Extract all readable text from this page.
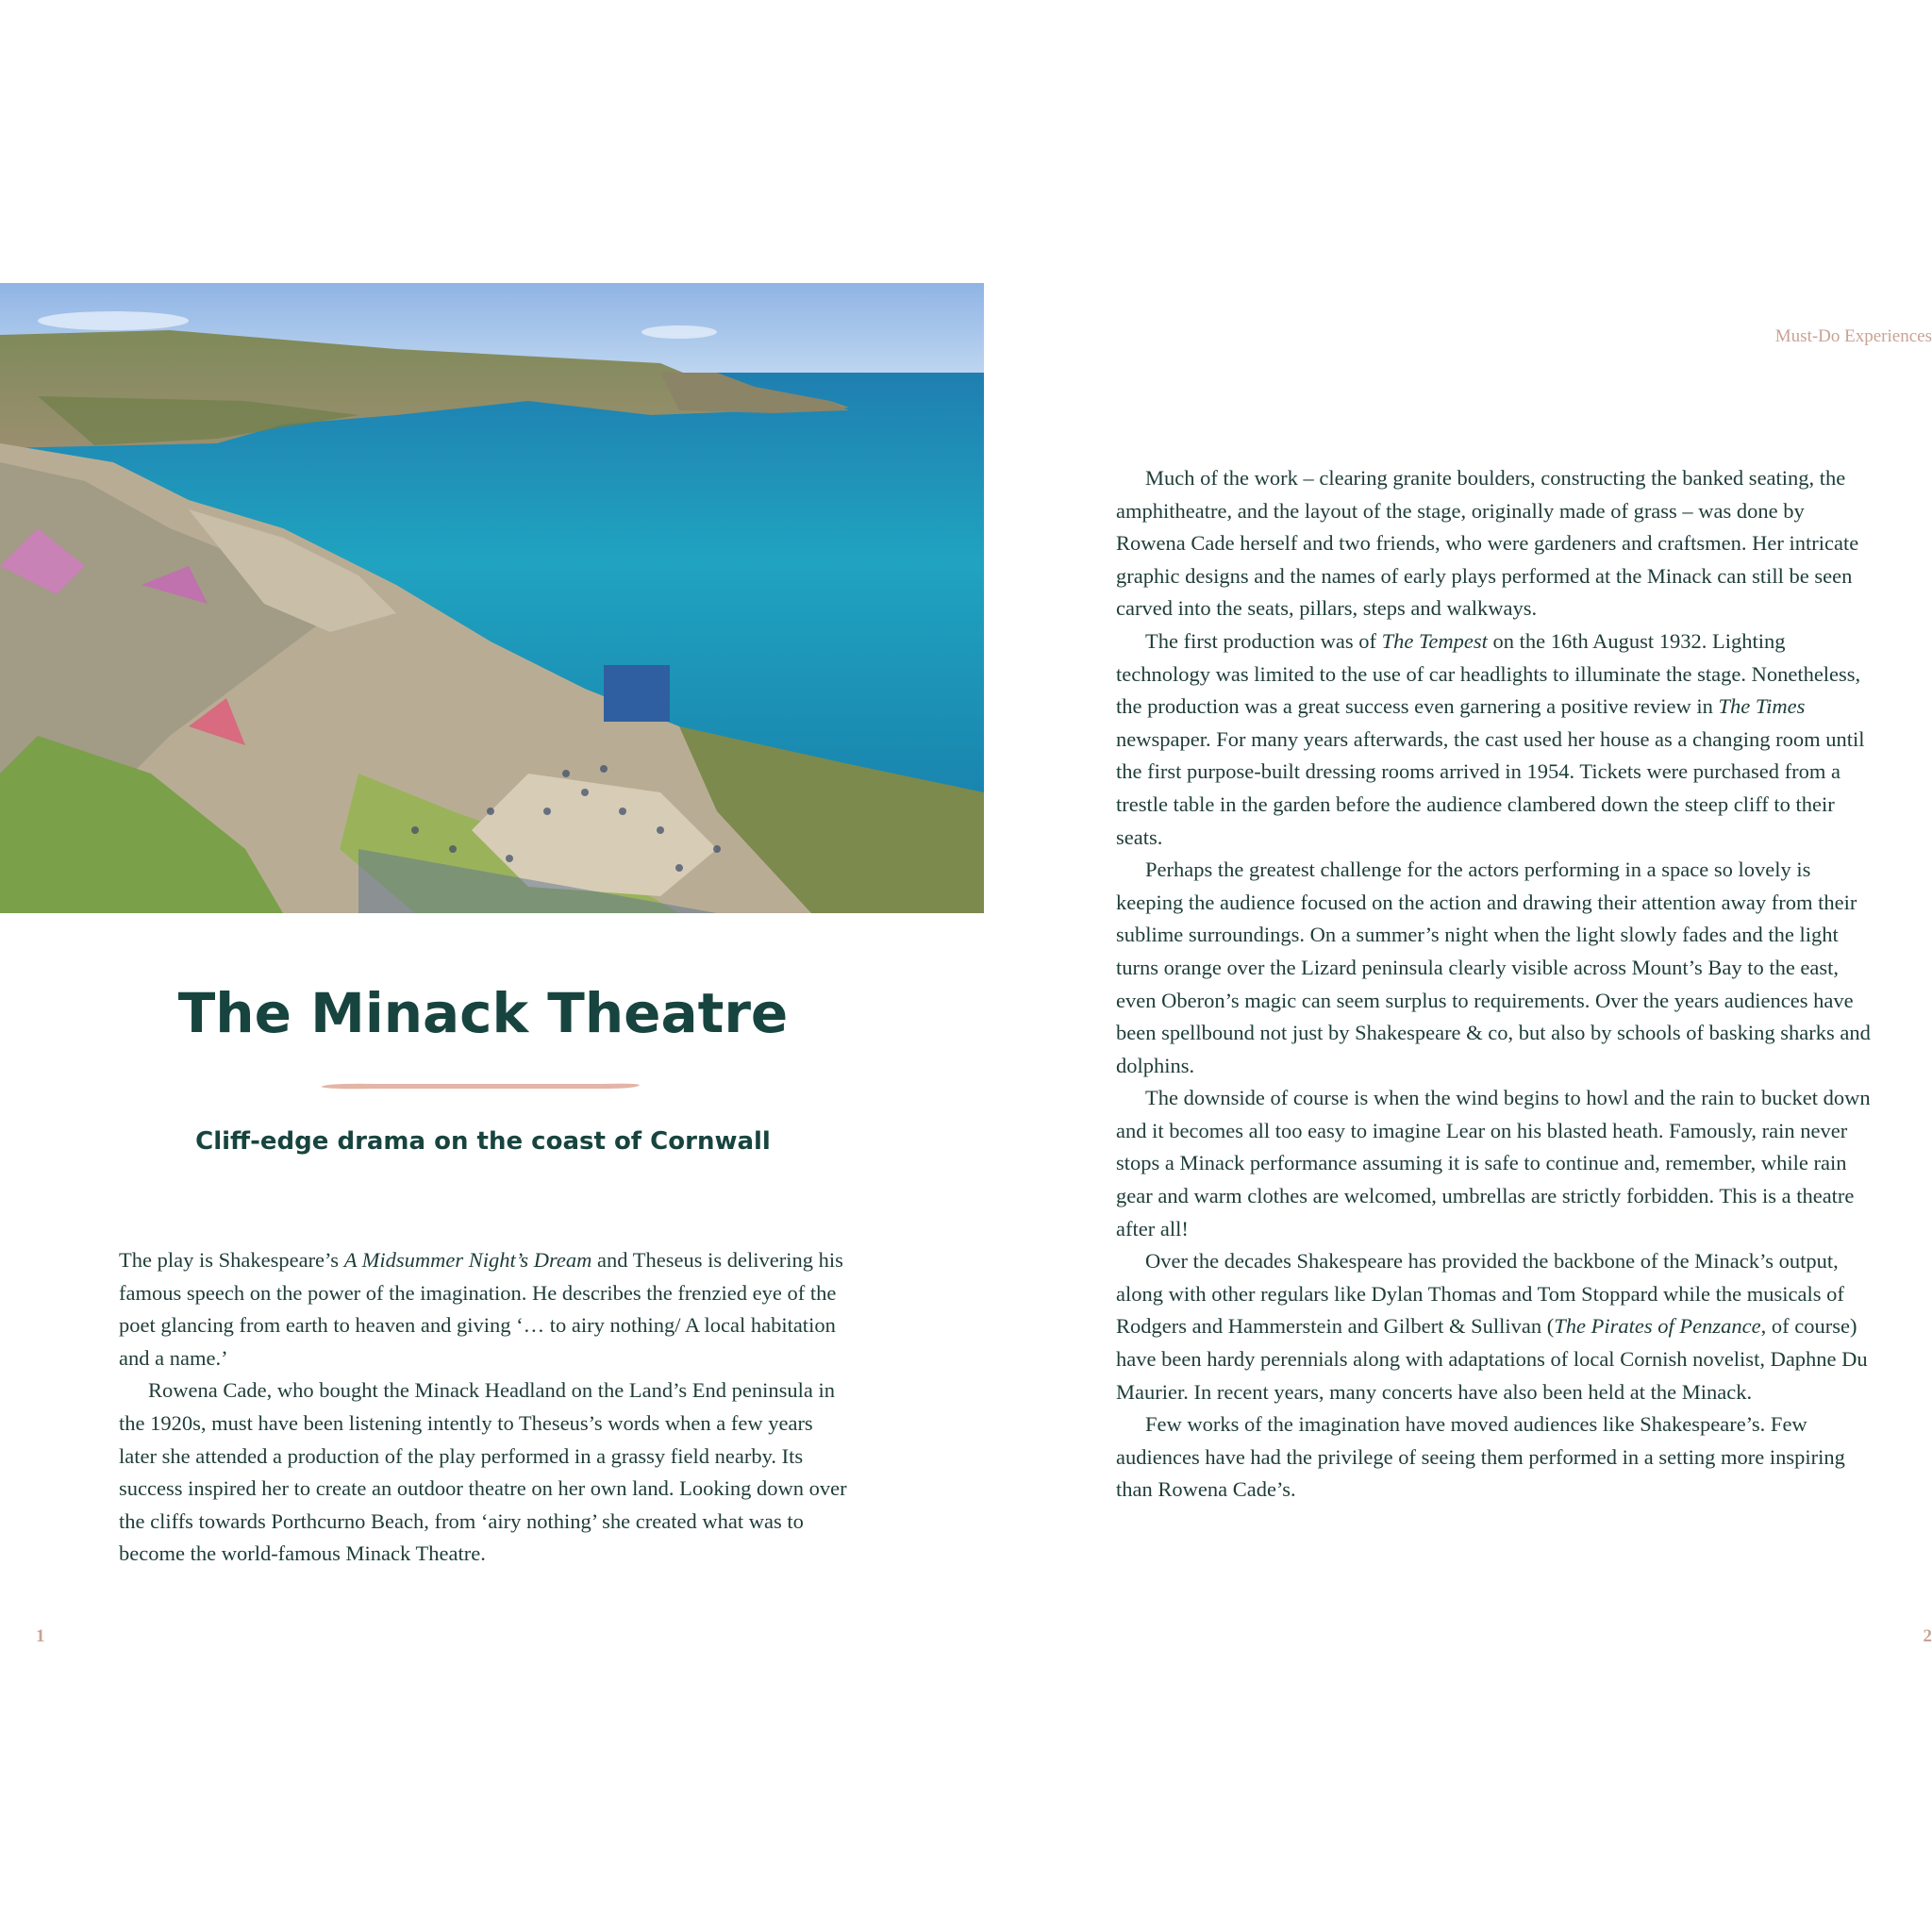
The Minack Theatre
Cliff-edge drama on the coast of Cornwall

The play is Shakespeare’s A Midsummer Night’s Dream and Theseus is delivering his famous speech on the power of the imagination. He describes the frenzied eye of the poet glancing from earth to heaven and giving ‘… to airy nothing/ A local habitation and a name.’

Rowena Cade, who bought the Minack Headland on the Land’s End peninsula in the 1920s, must have been listening intently to Theseus’s words when a few years later she attended a production of the play performed in a grassy field nearby. Its success inspired her to create an outdoor theatre on her own land. Looking down over the cliffs towards Porthcurno Beach, from ‘airy nothing’ she created what was to become the world-famous Minack Theatre.

1
Must-Do Experiences

Much of the work – clearing granite boulders, constructing the banked seating, the amphitheatre, and the layout of the stage, originally made of grass – was done by Rowena Cade herself and two friends, who were gardeners and craftsmen. Her intricate graphic designs and the names of early plays performed at the Minack can still be seen carved into the seats, pillars, steps and walkways.

The first production was of The Tempest on the 16th August 1932. Lighting technology was limited to the use of car headlights to illuminate the stage. Nonetheless, the production was a great success even garnering a positive review in The Times newspaper. For many years afterwards, the cast used her house as a changing room until the first purpose-built dressing rooms arrived in 1954. Tickets were purchased from a trestle table in the garden before the audience clambered down the steep cliff to their seats.

Perhaps the greatest challenge for the actors performing in a space so lovely is keeping the audience focused on the action and drawing their attention away from their sublime surroundings. On a summer’s night when the light slowly fades and the light turns orange over the Lizard peninsula clearly visible across Mount’s Bay to the east, even Oberon’s magic can seem surplus to requirements. Over the years audiences have been spellbound not just by Shakespeare & co, but also by schools of basking sharks and dolphins.

The downside of course is when the wind begins to howl and the rain to bucket down and it becomes all too easy to imagine Lear on his blasted heath. Famously, rain never stops a Minack performance assuming it is safe to continue and, remember, while rain gear and warm clothes are welcomed, umbrellas are strictly forbidden. This is a theatre after all!

Over the decades Shakespeare has provided the backbone of the Minack’s output, along with other regulars like Dylan Thomas and Tom Stoppard while the musicals of Rodgers and Hammerstein and Gilbert & Sullivan (The Pirates of Penzance, of course) have been hardy perennials along with adaptations of local Cornish novelist, Daphne Du Maurier. In recent years, many concerts have also been held at the Minack.

Few works of the imagination have moved audiences like Shakespeare’s. Few audiences have had the privilege of seeing them performed in a setting more inspiring than Rowena Cade’s.

2
